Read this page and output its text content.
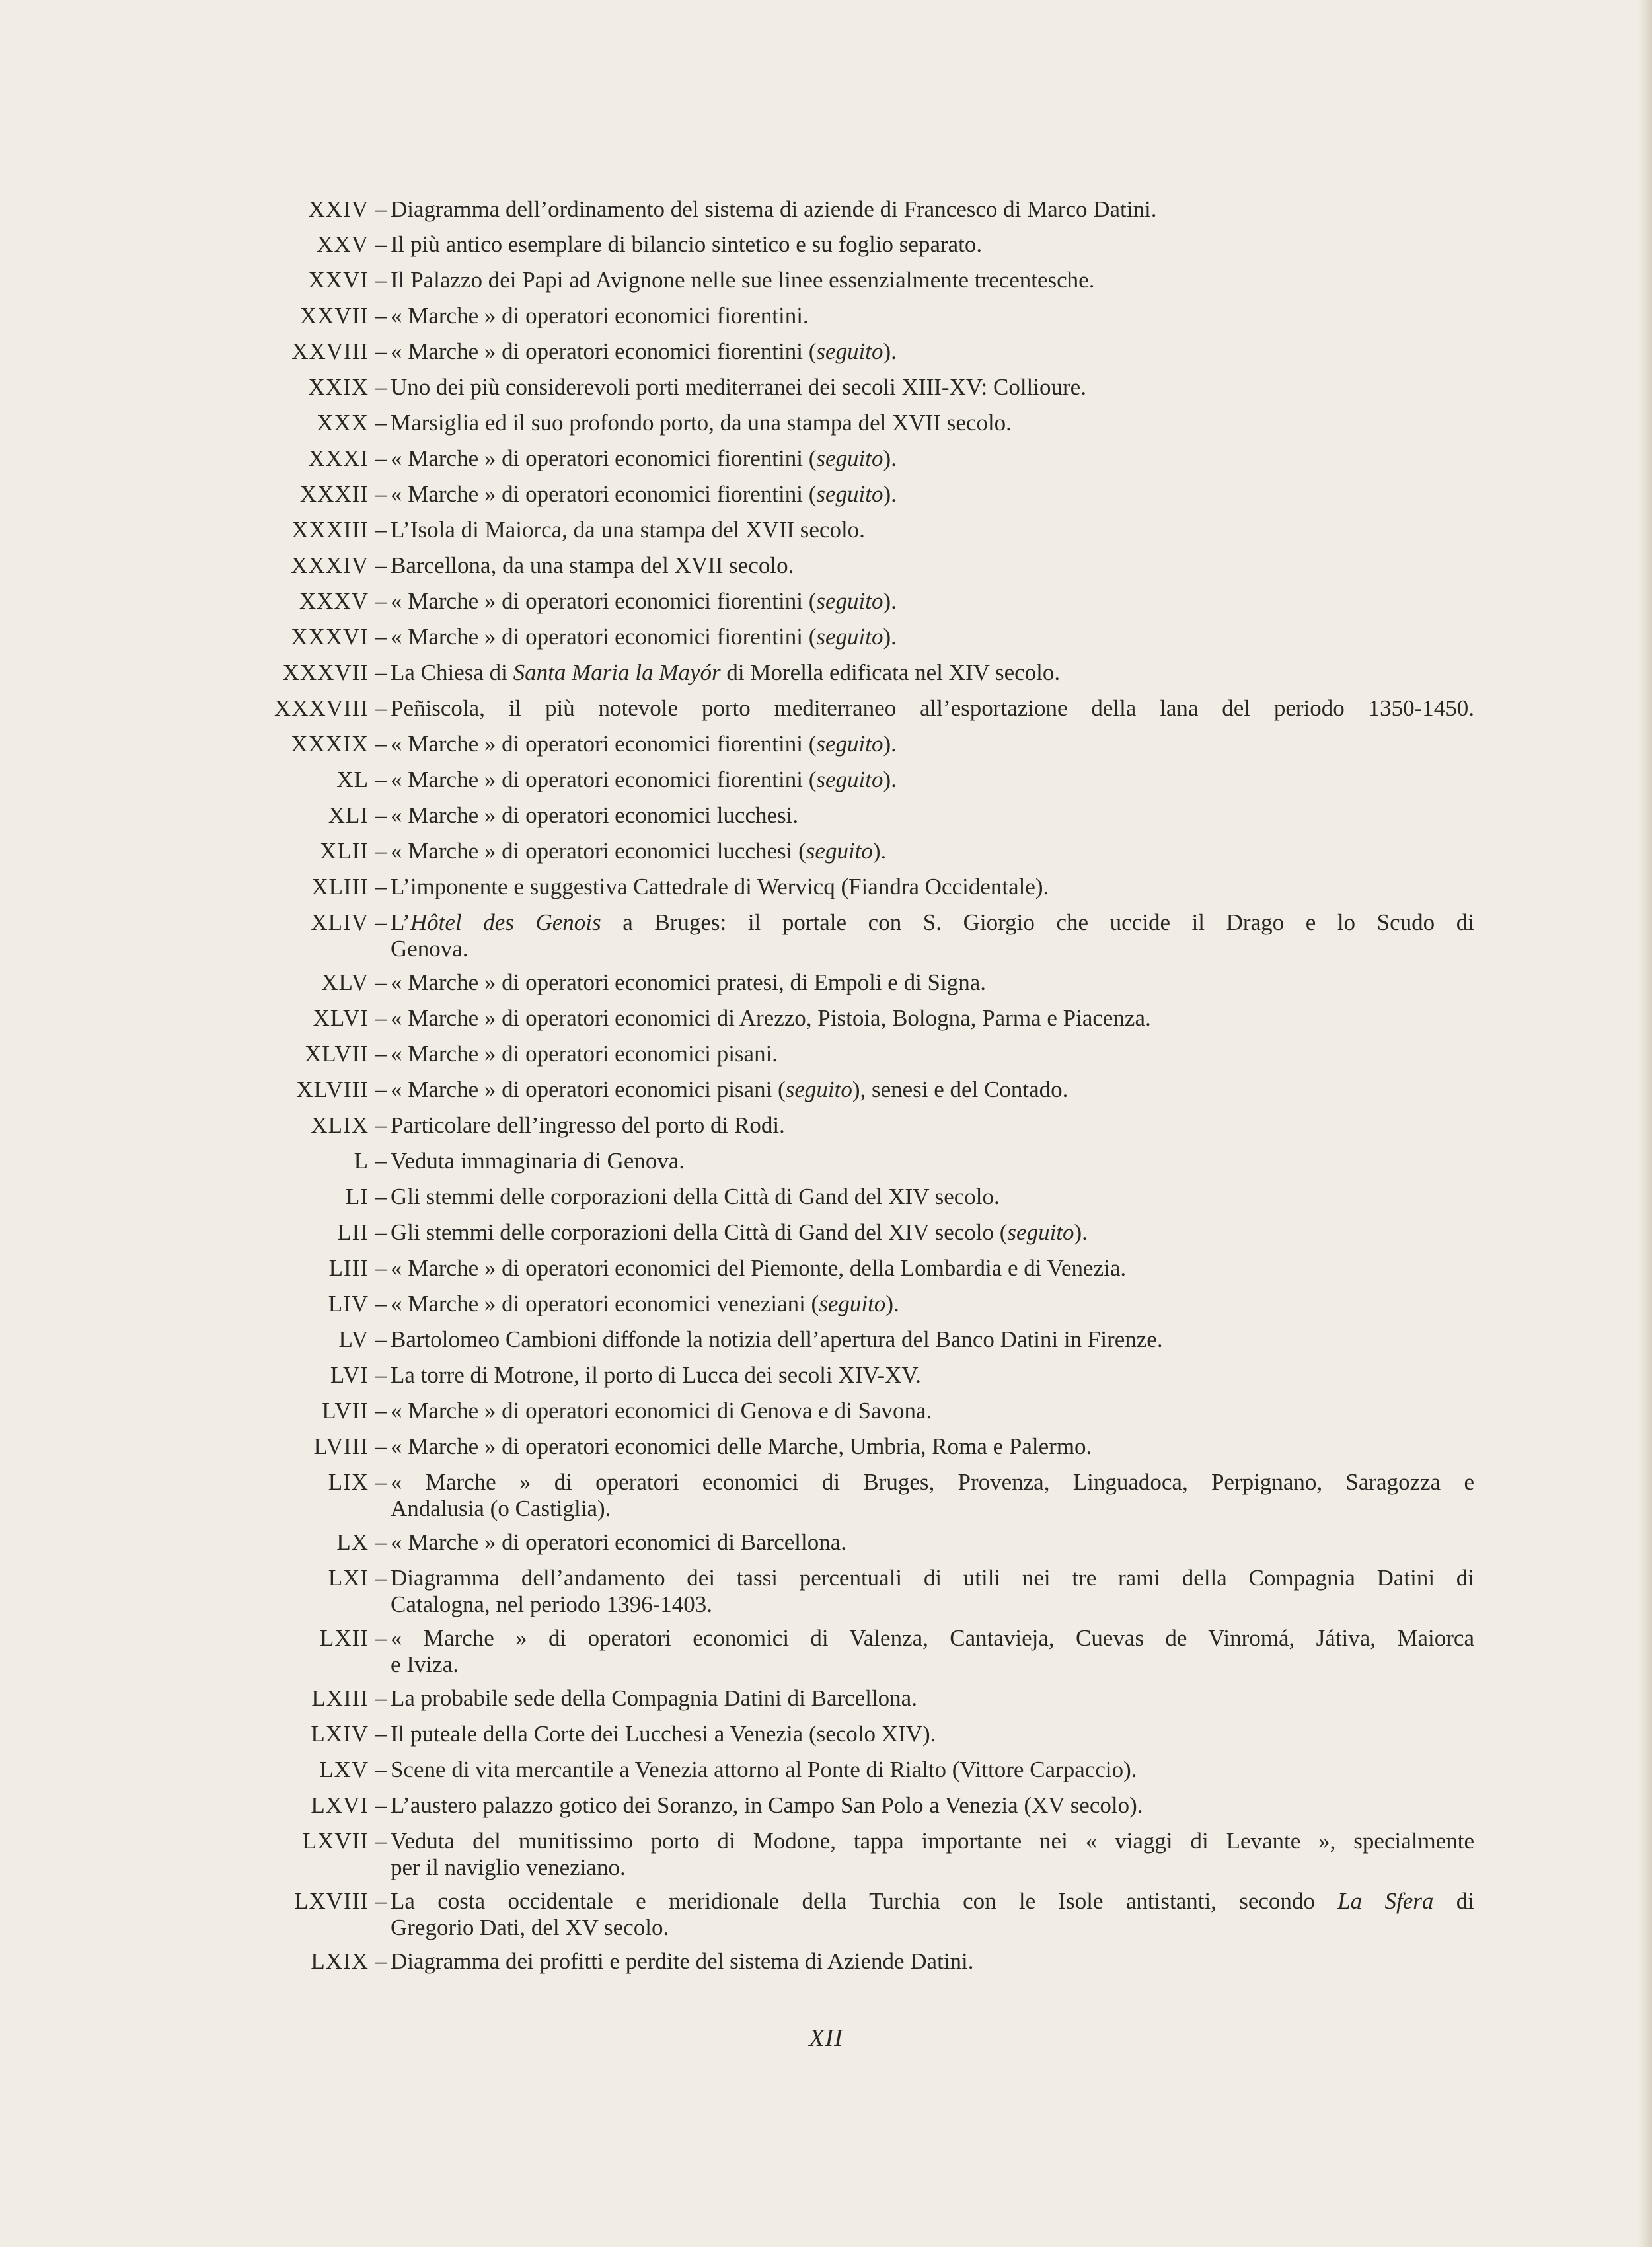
XXIV – Diagramma dell’ordinamento del sistema di aziende di Francesco di Marco Datini.
XXV – Il più antico esemplare di bilancio sintetico e su foglio separato.
XXVI – Il Palazzo dei Papi ad Avignone nelle sue linee essenzialmente trecentesche.
XXVII – « Marche » di operatori economici fiorentini.
XXVIII – « Marche » di operatori economici fiorentini (seguito).
XXIX – Uno dei più considerevoli porti mediterranei dei secoli XIII-XV: Collioure.
XXX – Marsiglia ed il suo profondo porto, da una stampa del XVII secolo.
XXXI – « Marche » di operatori economici fiorentini (seguito).
XXXII – « Marche » di operatori economici fiorentini (seguito).
XXXIII – L’Isola di Maiorca, da una stampa del XVII secolo.
XXXIV – Barcellona, da una stampa del XVII secolo.
XXXV – « Marche » di operatori economici fiorentini (seguito).
XXXVI – « Marche » di operatori economici fiorentini (seguito).
XXXVII – La Chiesa di Santa Maria la Mayór di Morella edificata nel XIV secolo.
XXXVIII – Peñiscola, il più notevole porto mediterraneo all’esportazione della lana del periodo 1350-1450.
XXXIX – « Marche » di operatori economici fiorentini (seguito).
XL – « Marche » di operatori economici fiorentini (seguito).
XLI – « Marche » di operatori economici lucchesi.
XLII – « Marche » di operatori economici lucchesi (seguito).
XLIII – L’imponente e suggestiva Cattedrale di Wervicq (Fiandra Occidentale).
XLIV – L’Hôtel des Genois a Bruges: il portale con S. Giorgio che uccide il Drago e lo Scudo di
Genova.
XLV – « Marche » di operatori economici pratesi, di Empoli e di Signa.
XLVI – « Marche » di operatori economici di Arezzo, Pistoia, Bologna, Parma e Piacenza.
XLVII – « Marche » di operatori economici pisani.
XLVIII – « Marche » di operatori economici pisani (seguito), senesi e del Contado.
XLIX – Particolare dell’ingresso del porto di Rodi.
L – Veduta immaginaria di Genova.
LI – Gli stemmi delle corporazioni della Città di Gand del XIV secolo.
LII – Gli stemmi delle corporazioni della Città di Gand del XIV secolo (seguito).
LIII – « Marche » di operatori economici del Piemonte, della Lombardia e di Venezia.
LIV – « Marche » di operatori economici veneziani (seguito).
LV – Bartolomeo Cambioni diffonde la notizia dell’apertura del Banco Datini in Firenze.
LVI – La torre di Motrone, il porto di Lucca dei secoli XIV-XV.
LVII – « Marche » di operatori economici di Genova e di Savona.
LVIII – « Marche » di operatori economici delle Marche, Umbria, Roma e Palermo.
LIX – « Marche » di operatori economici di Bruges, Provenza, Linguadoca, Perpignano, Saragozza e
Andalusia (o Castiglia).
LX – « Marche » di operatori economici di Barcellona.
LXI – Diagramma dell’andamento dei tassi percentuali di utili nei tre rami della Compagnia Datini di
Catalogna, nel periodo 1396-1403.
LXII – « Marche » di operatori economici di Valenza, Cantavieja, Cuevas de Vinromá, Játiva, Maiorca
e Iviza.
LXIII – La probabile sede della Compagnia Datini di Barcellona.
LXIV – Il puteale della Corte dei Lucchesi a Venezia (secolo XIV).
LXV – Scene di vita mercantile a Venezia attorno al Ponte di Rialto (Vittore Carpaccio).
LXVI – L’austero palazzo gotico dei Soranzo, in Campo San Polo a Venezia (XV secolo).
LXVII – Veduta del munitissimo porto di Modone, tappa importante nei « viaggi di Levante », specialmente
per il naviglio veneziano.
LXVIII – La costa occidentale e meridionale della Turchia con le Isole antistanti, secondo La Sfera di
Gregorio Dati, del XV secolo.
LXIX – Diagramma dei profitti e perdite del sistema di Aziende Datini.
XII
